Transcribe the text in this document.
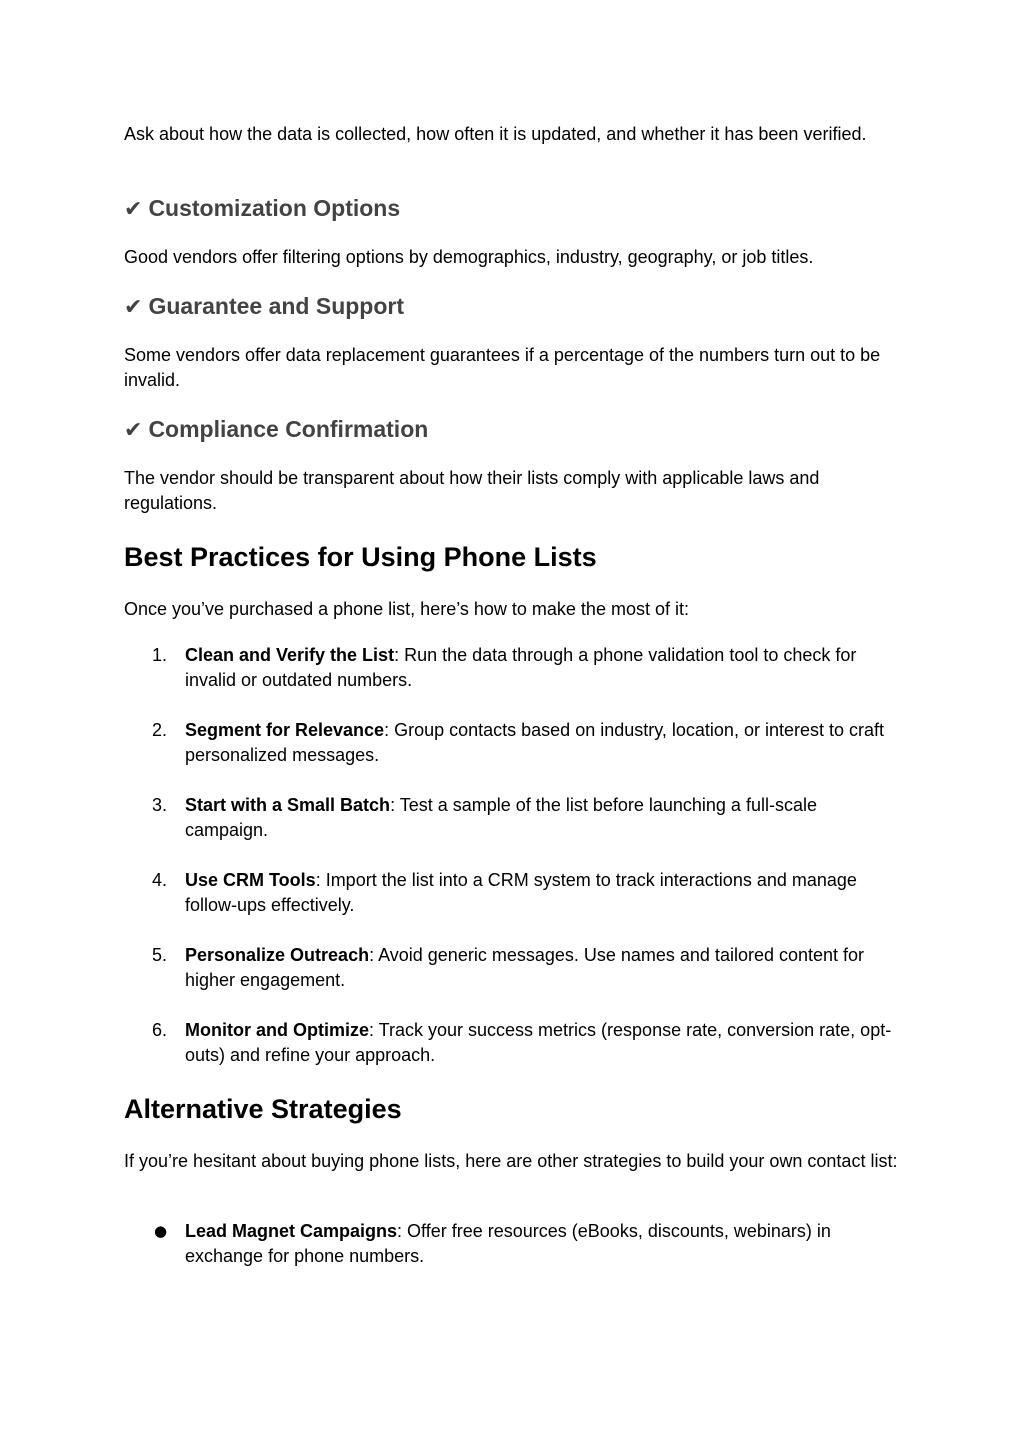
Ask about how the data is collected, how often it is updated, and whether it has been verified.

✔ Customization Options

Good vendors offer filtering options by demographics, industry, geography, or job titles.

✔ Guarantee and Support

Some vendors offer data replacement guarantees if a percentage of the numbers turn out to be invalid.

✔ Compliance Confirmation

The vendor should be transparent about how their lists comply with applicable laws and regulations.

Best Practices for Using Phone Lists

Once you’ve purchased a phone list, here’s how to make the most of it:

1. Clean and Verify the List: Run the data through a phone validation tool to check for invalid or outdated numbers.
2. Segment for Relevance: Group contacts based on industry, location, or interest to craft personalized messages.
3. Start with a Small Batch: Test a sample of the list before launching a full-scale campaign.
4. Use CRM Tools: Import the list into a CRM system to track interactions and manage follow-ups effectively.
5. Personalize Outreach: Avoid generic messages. Use names and tailored content for higher engagement.
6. Monitor and Optimize: Track your success metrics (response rate, conversion rate, opt-outs) and refine your approach.
Alternative Strategies

If you’re hesitant about buying phone lists, here are other strategies to build your own contact list:

● Lead Magnet Campaigns: Offer free resources (eBooks, discounts, webinars) in exchange for phone numbers.
